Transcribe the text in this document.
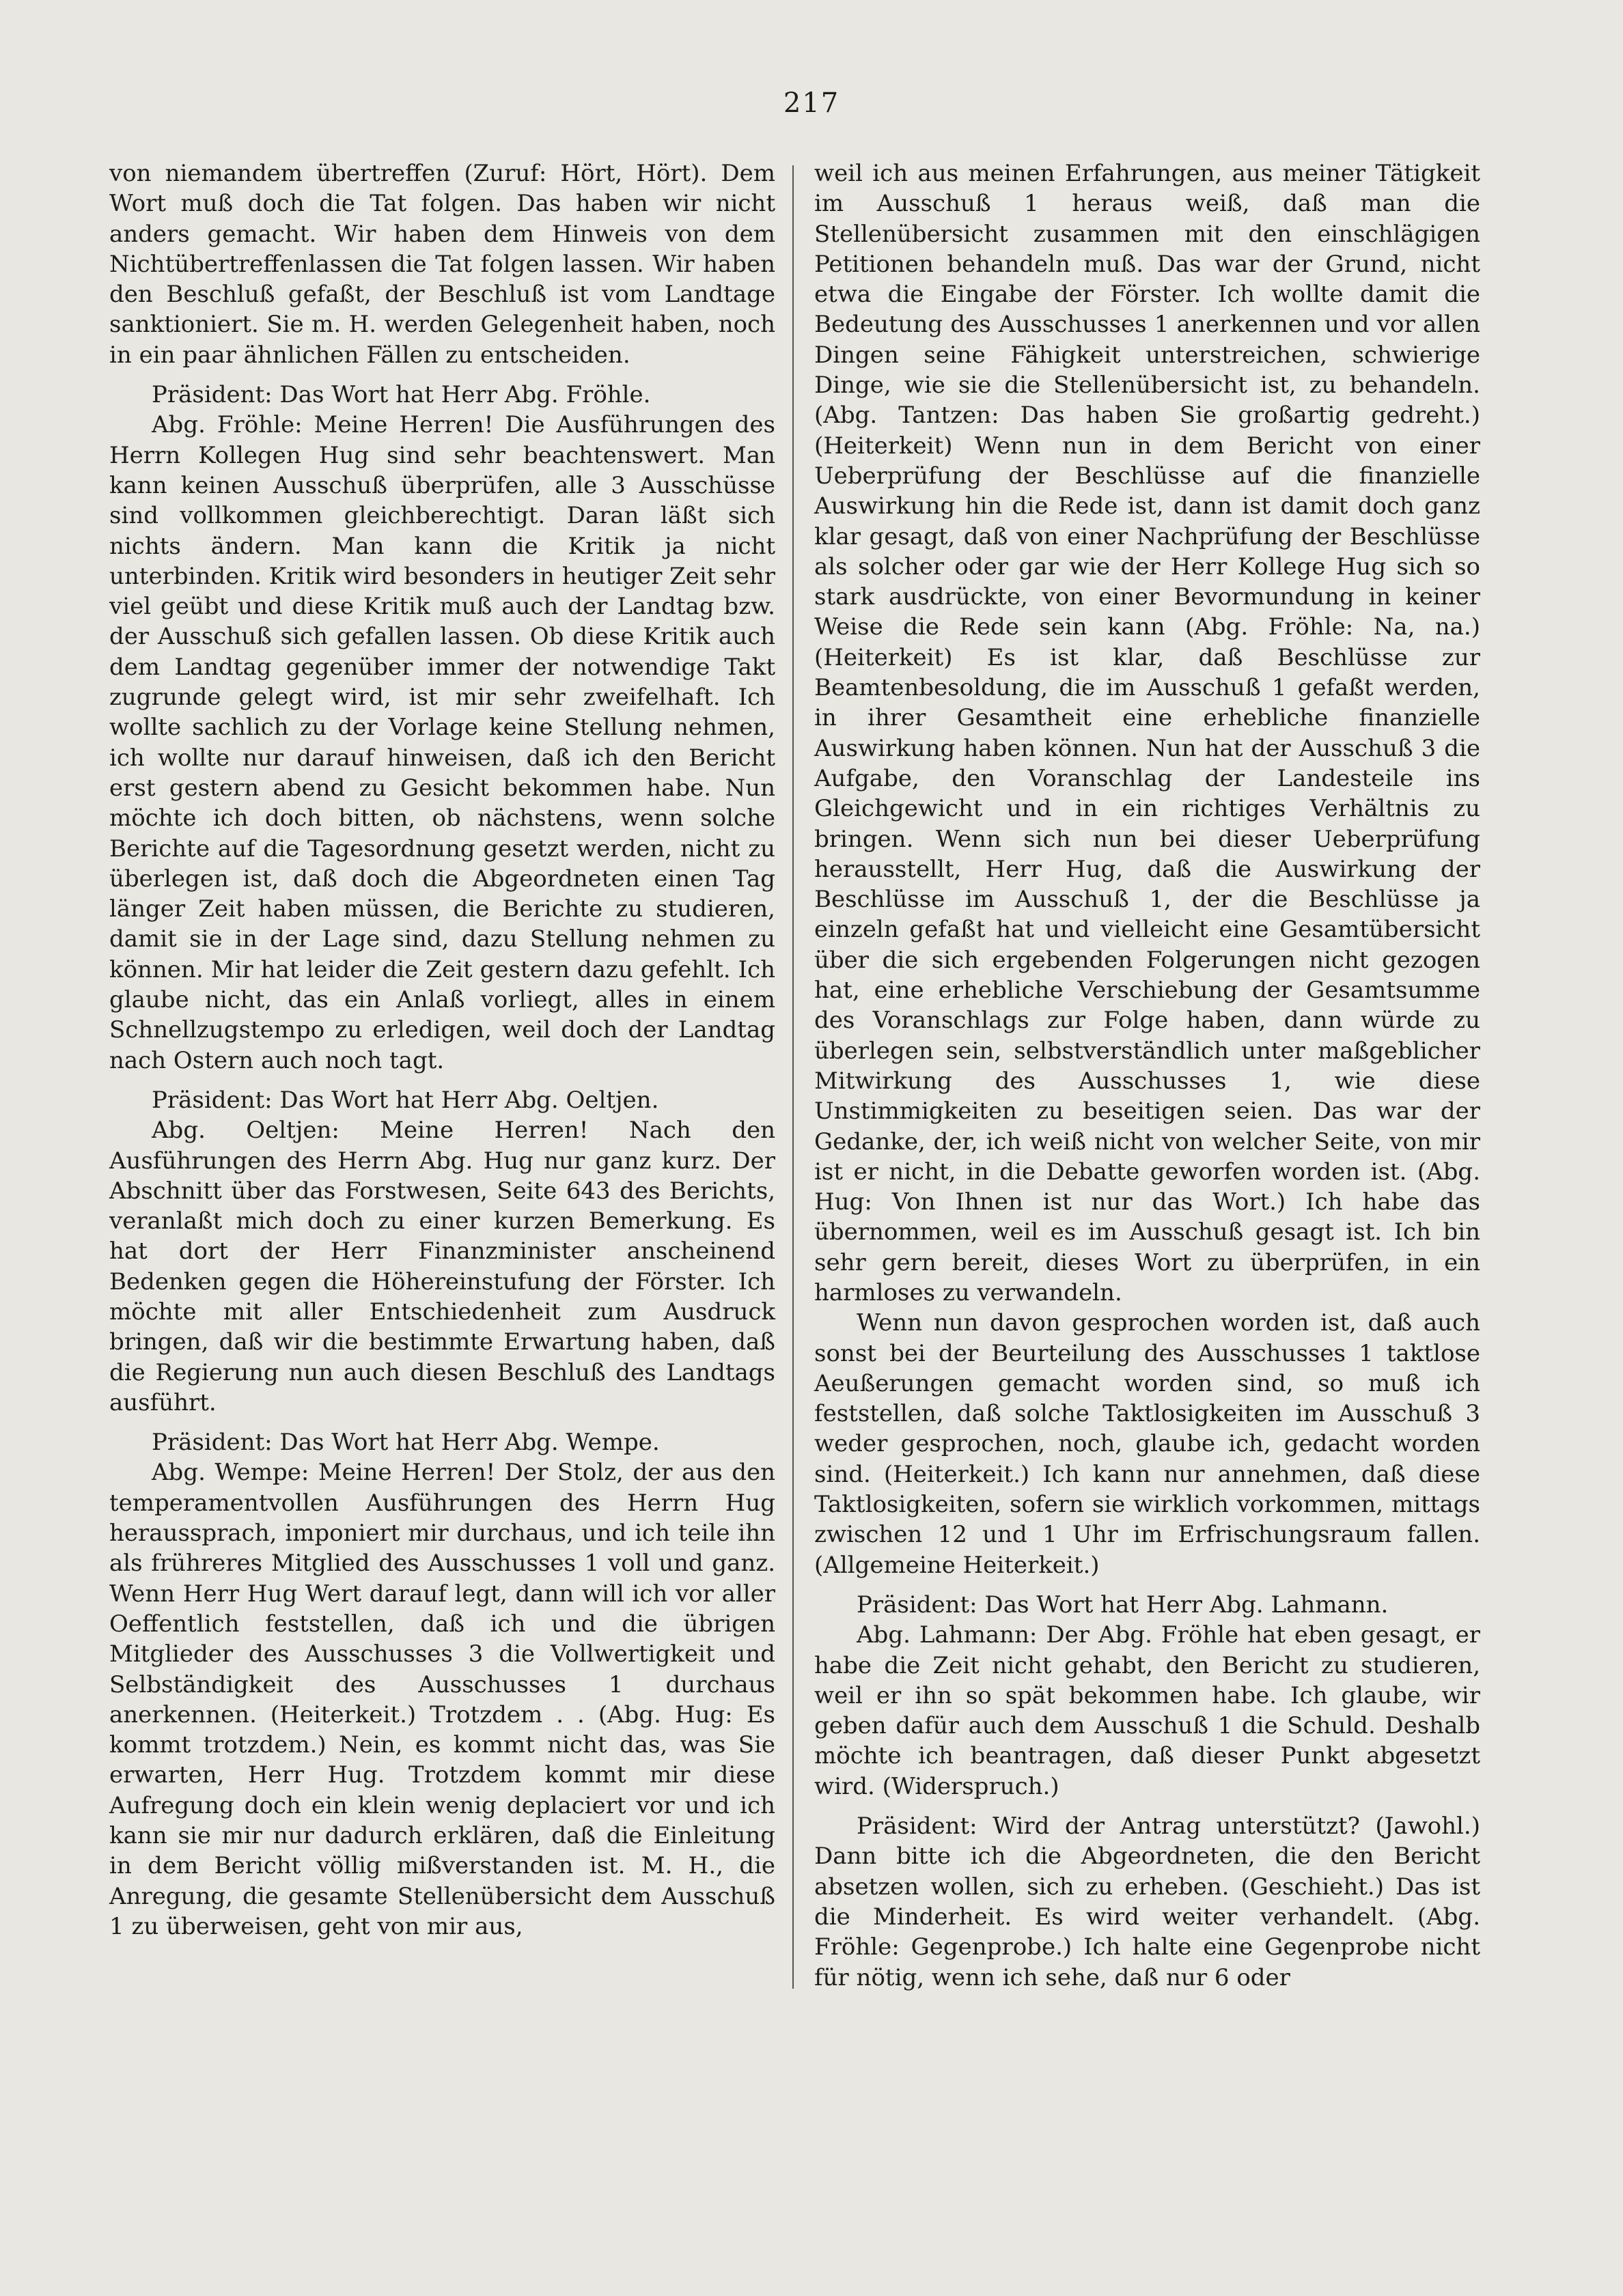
217

von niemandem übertreffen (Zuruf: Hört, Hört). Dem Wort muß doch die Tat folgen. Das haben wir nicht anders gemacht. Wir haben dem Hinweis von dem Nichtübertreffenlassen die Tat folgen lassen. Wir haben den Beschluß gefaßt, der Beschluß ist vom Landtage sanktioniert. Sie m. H. werden Gelegenheit haben, noch in ein paar ähnlichen Fällen zu entscheiden.

Präsident: Das Wort hat Herr Abg. Fröhle.

Abg. Fröhle: Meine Herren! Die Ausführungen des Herrn Kollegen Hug sind sehr beachtenswert. Man kann keinen Ausschuß überprüfen, alle 3 Ausschüsse sind vollkommen gleichberechtigt. Daran läßt sich nichts ändern. Man kann die Kritik ja nicht unterbinden. Kritik wird besonders in heutiger Zeit sehr viel geübt und diese Kritik muß auch der Landtag bzw. der Ausschuß sich gefallen lassen. Ob diese Kritik auch dem Landtag gegenüber immer der notwendige Takt zugrunde gelegt wird, ist mir sehr zweifelhaft. Ich wollte sachlich zu der Vorlage keine Stellung nehmen, ich wollte nur darauf hinweisen, daß ich den Bericht erst gestern abend zu Gesicht bekommen habe. Nun möchte ich doch bitten, ob nächstens, wenn solche Berichte auf die Tagesordnung gesetzt werden, nicht zu überlegen ist, daß doch die Abgeordneten einen Tag länger Zeit haben müssen, die Berichte zu studieren, damit sie in der Lage sind, dazu Stellung nehmen zu können. Mir hat leider die Zeit gestern dazu gefehlt. Ich glaube nicht, das ein Anlaß vorliegt, alles in einem Schnellzugstempo zu erledigen, weil doch der Landtag nach Ostern auch noch tagt.

Präsident: Das Wort hat Herr Abg. Oeltjen.

Abg. Oeltjen: Meine Herren! Nach den Ausführungen des Herrn Abg. Hug nur ganz kurz. Der Abschnitt über das Forstwesen, Seite 643 des Berichts, veranlaßt mich doch zu einer kurzen Bemerkung. Es hat dort der Herr Finanzminister anscheinend Bedenken gegen die Höhereinstufung der Förster. Ich möchte mit aller Entschiedenheit zum Ausdruck bringen, daß wir die bestimmte Erwartung haben, daß die Regierung nun auch diesen Beschluß des Landtags ausführt.

Präsident: Das Wort hat Herr Abg. Wempe.

Abg. Wempe: Meine Herren! Der Stolz, der aus den temperamentvollen Ausführungen des Herrn Hug heraussprach, imponiert mir durchaus, und ich teile ihn als frühreres Mitglied des Ausschusses 1 voll und ganz. Wenn Herr Hug Wert darauf legt, dann will ich vor aller Oeffentlich feststellen, daß ich und die übrigen Mitglieder des Ausschusses 3 die Vollwertigkeit und Selbständigkeit des Ausschusses 1 durchaus anerkennen. (Heiterkeit.) Trotzdem . . (Abg. Hug: Es kommt trotzdem.) Nein, es kommt nicht das, was Sie erwarten, Herr Hug. Trotzdem kommt mir diese Aufregung doch ein klein wenig deplaciert vor und ich kann sie mir nur dadurch erklären, daß die Einleitung in dem Bericht völlig mißverstanden ist. M. H., die Anregung, die gesamte Stellenübersicht dem Ausschuß 1 zu überweisen, geht von mir aus,

weil ich aus meinen Erfahrungen, aus meiner Tätigkeit im Ausschuß 1 heraus weiß, daß man die Stellenübersicht zusammen mit den einschlägigen Petitionen behandeln muß. Das war der Grund, nicht etwa die Eingabe der Förster. Ich wollte damit die Bedeutung des Ausschusses 1 anerkennen und vor allen Dingen seine Fähigkeit unterstreichen, schwierige Dinge, wie sie die Stellenübersicht ist, zu behandeln. (Abg. Tantzen: Das haben Sie großartig gedreht.) (Heiterkeit) Wenn nun in dem Bericht von einer Ueberprüfung der Beschlüsse auf die finanzielle Auswirkung hin die Rede ist, dann ist damit doch ganz klar gesagt, daß von einer Nachprüfung der Beschlüsse als solcher oder gar wie der Herr Kollege Hug sich so stark ausdrückte, von einer Bevormundung in keiner Weise die Rede sein kann (Abg. Fröhle: Na, na.) (Heiterkeit) Es ist klar, daß Beschlüsse zur Beamtenbesoldung, die im Ausschuß 1 gefaßt werden, in ihrer Gesamtheit eine erhebliche finanzielle Auswirkung haben können. Nun hat der Ausschuß 3 die Aufgabe, den Voranschlag der Landesteile ins Gleichgewicht und in ein richtiges Verhältnis zu bringen. Wenn sich nun bei dieser Ueberprüfung herausstellt, Herr Hug, daß die Auswirkung der Beschlüsse im Ausschuß 1, der die Beschlüsse ja einzeln gefaßt hat und vielleicht eine Gesamtübersicht über die sich ergebenden Folgerungen nicht gezogen hat, eine erhebliche Verschiebung der Gesamtsumme des Voranschlags zur Folge haben, dann würde zu überlegen sein, selbstverständlich unter maßgeblicher Mitwirkung des Ausschusses 1, wie diese Unstimmigkeiten zu beseitigen seien. Das war der Gedanke, der, ich weiß nicht von welcher Seite, von mir ist er nicht, in die Debatte geworfen worden ist. (Abg. Hug: Von Ihnen ist nur das Wort.) Ich habe das übernommen, weil es im Ausschuß gesagt ist. Ich bin sehr gern bereit, dieses Wort zu überprüfen, in ein harmloses zu verwandeln.

Wenn nun davon gesprochen worden ist, daß auch sonst bei der Beurteilung des Ausschusses 1 taktlose Aeußerungen gemacht worden sind, so muß ich feststellen, daß solche Taktlosigkeiten im Ausschuß 3 weder gesprochen, noch, glaube ich, gedacht worden sind. (Heiterkeit.) Ich kann nur annehmen, daß diese Taktlosigkeiten, sofern sie wirklich vorkommen, mittags zwischen 12 und 1 Uhr im Erfrischungsraum fallen. (Allgemeine Heiterkeit.)

Präsident: Das Wort hat Herr Abg. Lahmann.

Abg. Lahmann: Der Abg. Fröhle hat eben gesagt, er habe die Zeit nicht gehabt, den Bericht zu studieren, weil er ihn so spät bekommen habe. Ich glaube, wir geben dafür auch dem Ausschuß 1 die Schuld. Deshalb möchte ich beantragen, daß dieser Punkt abgesetzt wird. (Widerspruch.)

Präsident: Wird der Antrag unterstützt? (Jawohl.) Dann bitte ich die Abgeordneten, die den Bericht absetzen wollen, sich zu erheben. (Geschieht.) Das ist die Minderheit. Es wird weiter verhandelt. (Abg. Fröhle: Gegenprobe.) Ich halte eine Gegenprobe nicht für nötig, wenn ich sehe, daß nur 6 oder
